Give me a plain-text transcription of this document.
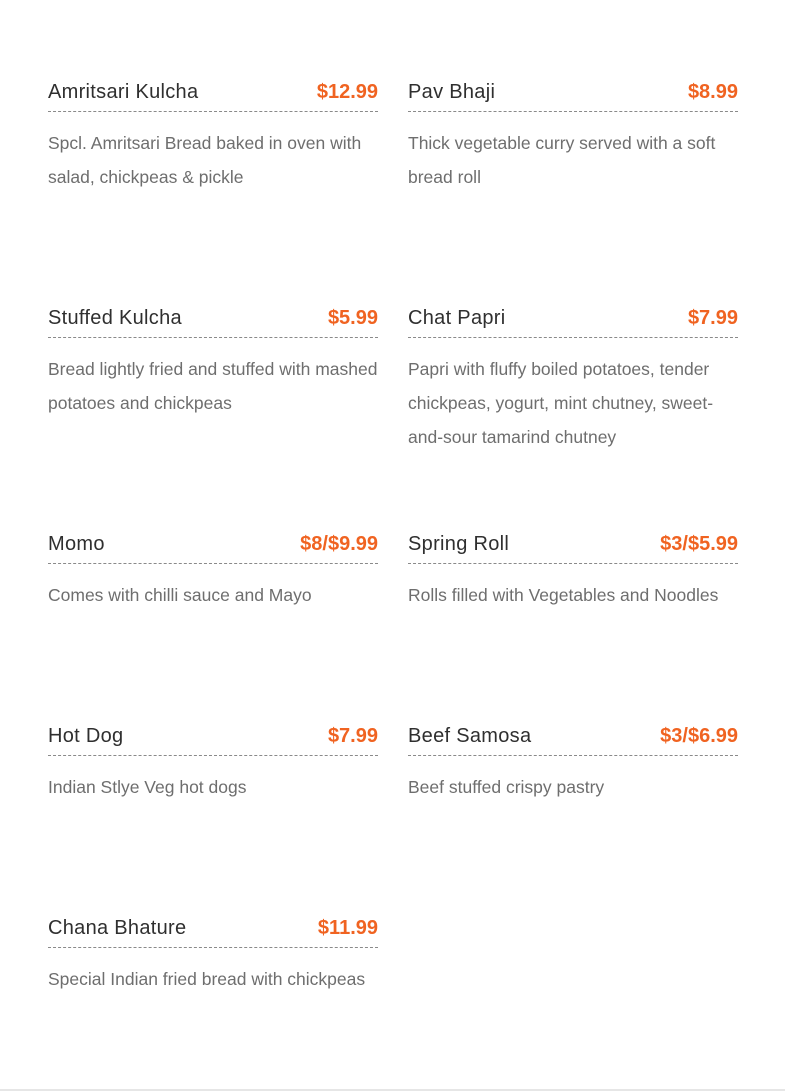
Amritsari Kulcha	$12.99
Spcl. Amritsari Bread baked in oven with salad, chickpeas & pickle
Pav Bhaji	$8.99
Thick vegetable curry served with a soft bread roll
Stuffed Kulcha	$5.99
Bread lightly fried and stuffed with mashed potatoes and chickpeas
Chat Papri	$7.99
Papri with fluffy boiled potatoes, tender chickpeas, yogurt, mint chutney, sweet-and-sour tamarind chutney
Momo	$8/$9.99
Comes with chilli sauce and Mayo
Spring Roll	$3/$5.99
Rolls filled with Vegetables and Noodles
Hot Dog	$7.99
Indian Stlye Veg hot dogs
Beef Samosa	$3/$6.99
Beef stuffed crispy pastry
Chana Bhature	$11.99
Special Indian fried bread with chickpeas
